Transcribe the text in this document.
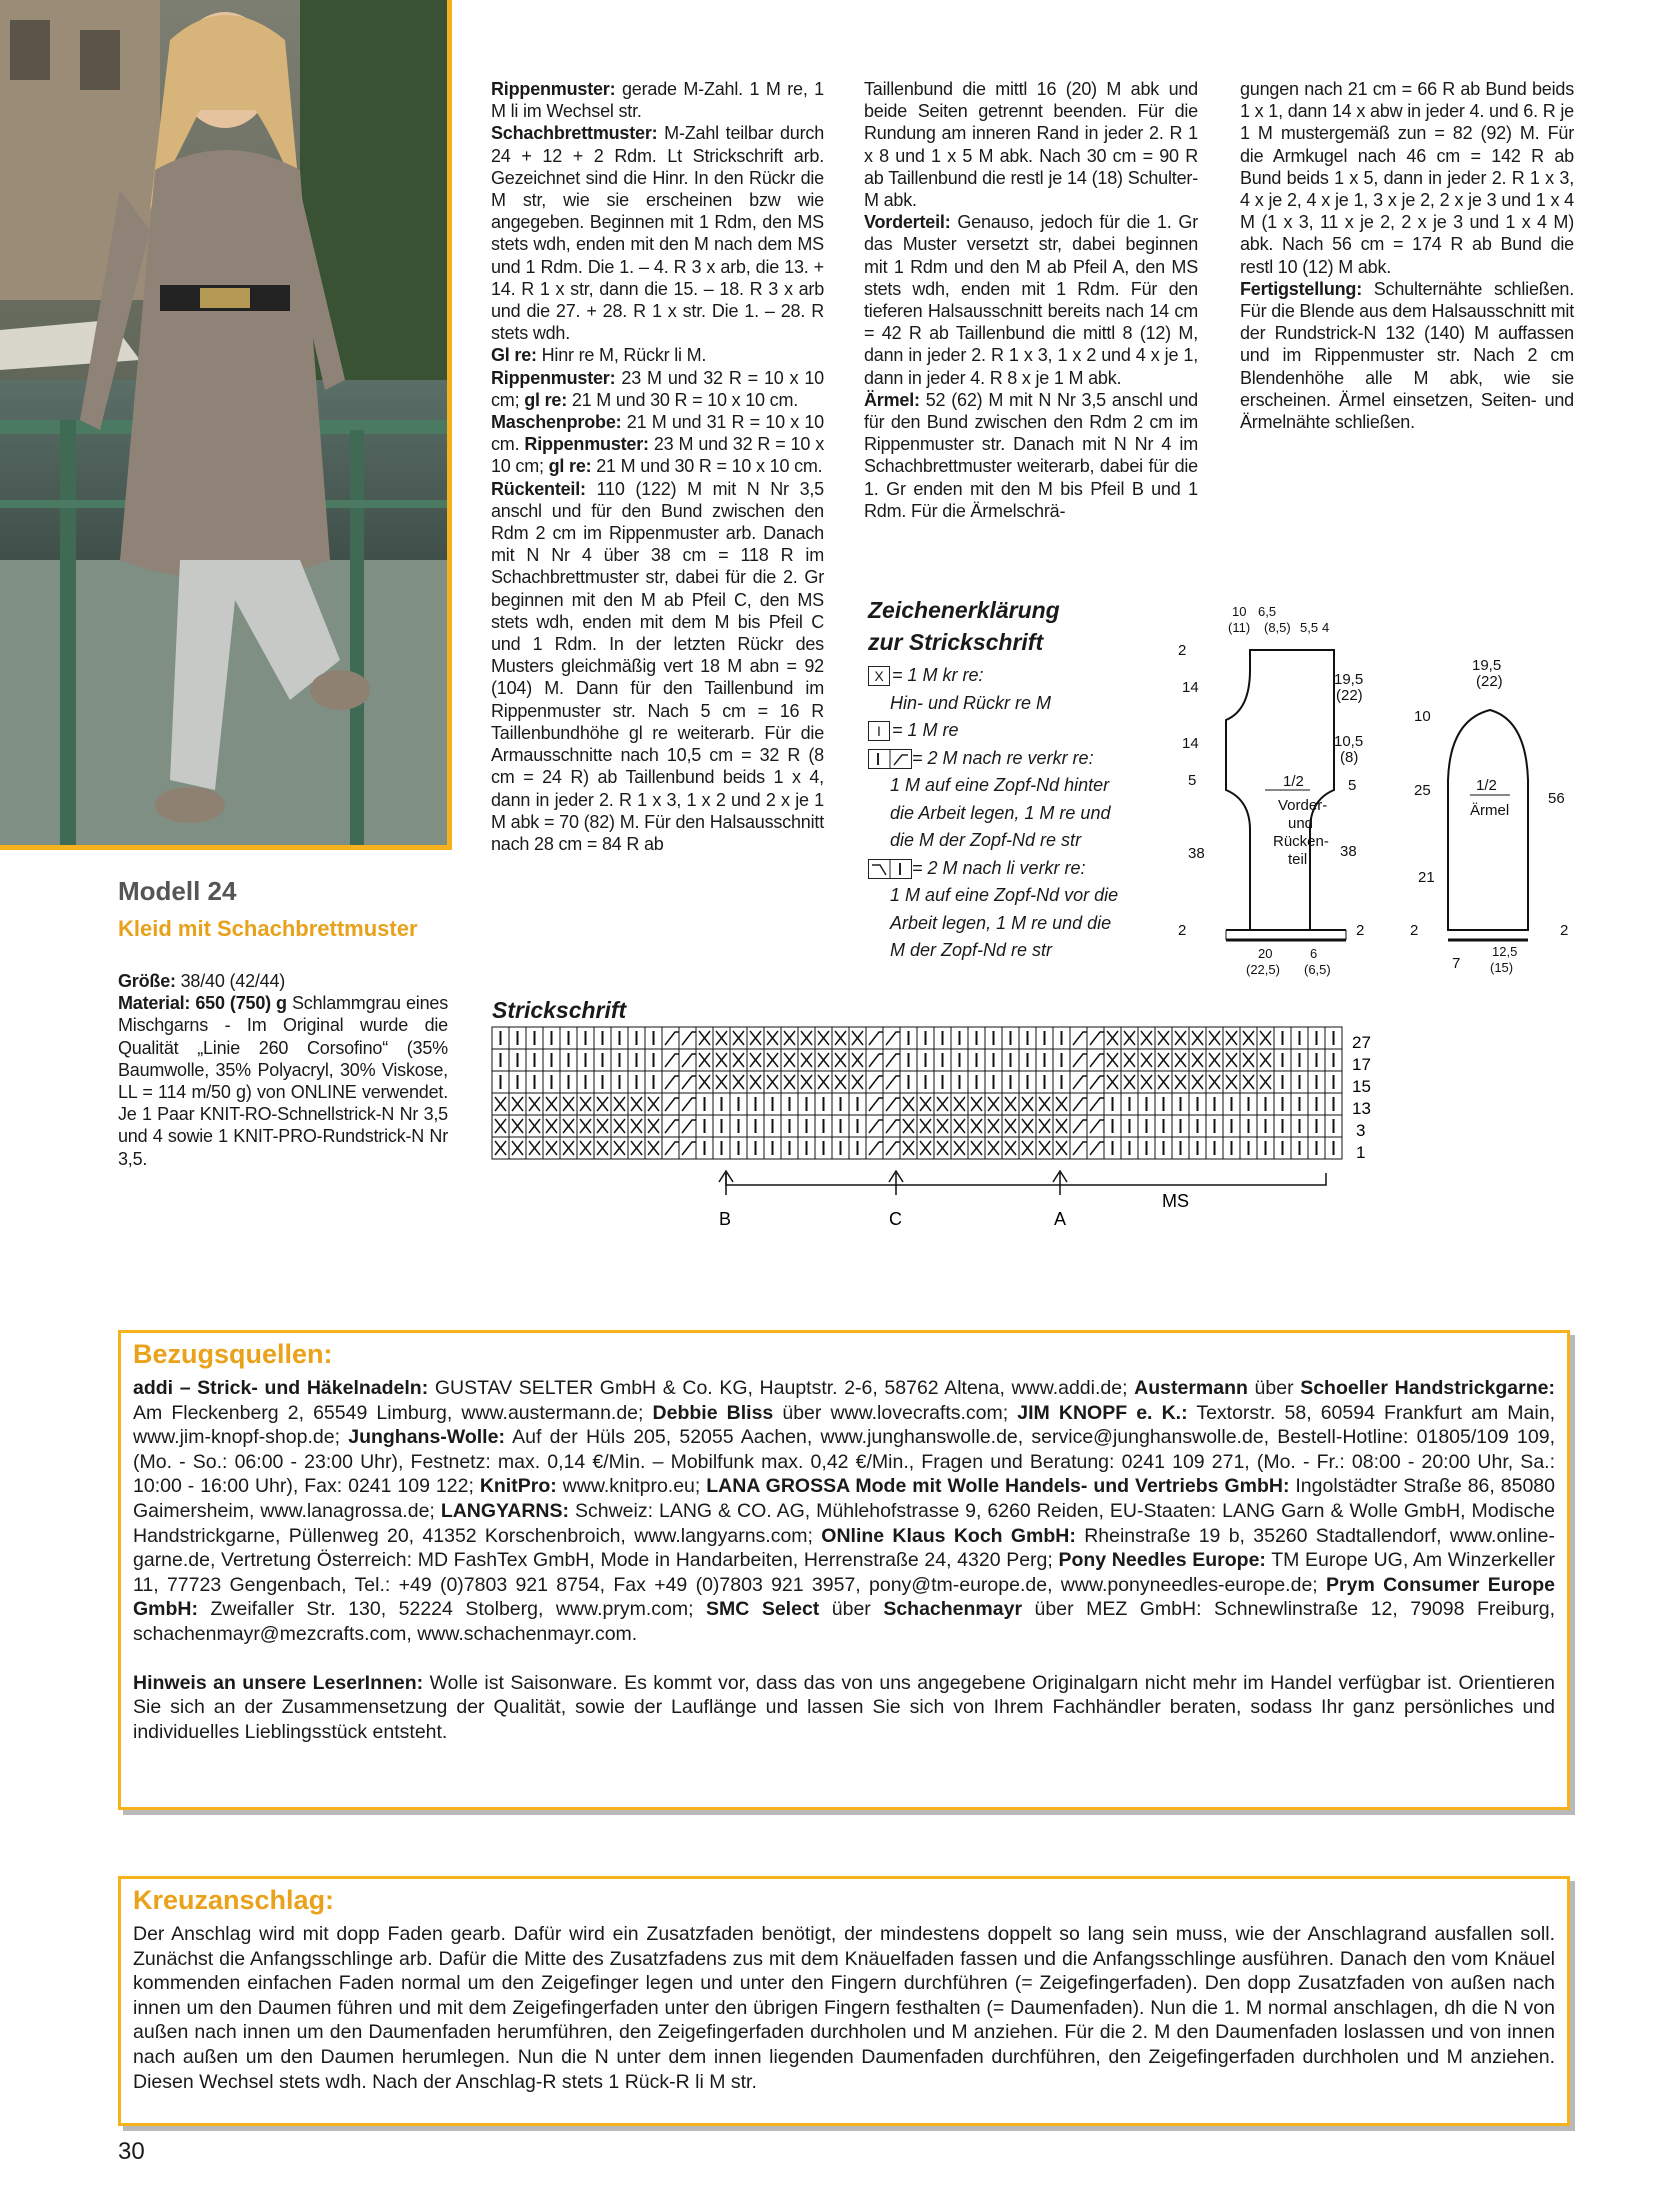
Modell 24
Kleid mit Schachbrettmuster

Größe: 38/40 (42/44)

Material: 650 (750) g Schlammgrau eines Mischgarns - Im Original wurde die Qualität „Linie 260 Corsofino“ (35% Baumwolle, 35% Polyacryl, 30% Viskose, LL = 114 m/50 g) von ONLINE verwendet. Je 1 Paar KNIT-RO-Schnellstrick-N Nr 3,5 und 4 sowie 1 KNIT-PRO-Rundstrick-N Nr 3,5.

Rippenmuster: gerade M-Zahl. 1 M re, 1 M li im Wechsel str.

Schachbrettmuster: M-Zahl teilbar durch 24 + 12 + 2 Rdm. Lt Strickschrift arb. Gezeichnet sind die Hinr. In den Rückr die M str, wie sie erscheinen bzw wie angegeben. Beginnen mit 1 Rdm, den MS stets wdh, enden mit den M nach dem MS und 1 Rdm. Die 1. – 4. R 3 x arb, die 13. + 14. R 1 x str, dann die 15. – 18. R 3 x arb und die 27. + 28. R 1 x str. Die 1. – 28. R stets wdh.

Gl re: Hinr re M, Rückr li M.

Rippenmuster: 23 M und 32 R = 10 x 10 cm; gl re: 21 M und 30 R = 10 x 10 cm.

Maschenprobe: 21 M und 31 R = 10 x 10 cm. Rippenmuster: 23 M und 32 R = 10 x 10 cm; gl re: 21 M und 30 R = 10 x 10 cm.

Rückenteil: 110 (122) M mit N Nr 3,5 anschl und für den Bund zwischen den Rdm 2 cm im Rippenmuster arb. Danach mit N Nr 4 über 38 cm = 118 R im Schachbrettmuster str, dabei für die 2. Gr beginnen mit den M ab Pfeil C, den MS stets wdh, enden mit dem M bis Pfeil C und 1 Rdm. In der letzten Rückr des Musters gleichmäßig vert 18 M abn = 92 (104) M. Dann für den Taillenbund im Rippenmuster str. Nach 5 cm = 16 R Taillenbundhöhe gl re weiterarb. Für die Armausschnitte nach 10,5 cm = 32 R (8 cm = 24 R) ab Taillenbund beids 1 x 4, dann in jeder 2. R 1 x 3, 1 x 2 und 2 x je 1 M abk = 70 (82) M. Für den Halsausschnitt nach 28 cm = 84 R ab

Taillenbund die mittl 16 (20) M abk und beide Seiten getrennt beenden. Für die Rundung am inneren Rand in jeder 2. R 1 x 8 und 1 x 5 M abk. Nach 30 cm = 90 R ab Taillenbund die restl je 14 (18) Schulter-M abk.

Vorderteil: Genauso, jedoch für die 1. Gr das Muster versetzt str, dabei beginnen mit 1 Rdm und den M ab Pfeil A, den MS stets wdh, enden mit 1 Rdm. Für den tieferen Halsausschnitt bereits nach 14 cm = 42 R ab Taillenbund die mittl 8 (12) M, dann in jeder 2. R 1 x 3, 1 x 2 und 4 x je 1, dann in jeder 4. R 8 x je 1 M abk.

Ärmel: 52 (62) M mit N Nr 3,5 anschl und für den Bund zwischen den Rdm 2 cm im Rippenmuster str. Danach mit N Nr 4 im Schachbrettmuster weiterarb, dabei für die 1. Gr enden mit den M bis Pfeil B und 1 Rdm. Für die Ärmelschrä-

gungen nach 21 cm = 66 R ab Bund beids 1 x 1, dann 14 x abw in jeder 4. und 6. R je 1 M mustergemäß zun = 82 (92) M. Für die Armkugel nach 46 cm = 142 R ab Bund beids 1 x 5, dann in jeder 2. R 1 x 3, 4 x je 2, 4 x je 1, 3 x je 2, 2 x je 3 und 1 x 4 M (1 x 3, 11 x je 2, 2 x je 3 und 1 x 4 M) abk. Nach 56 cm = 174 R ab Bund die restl 10 (12) M abk.

Fertigstellung: Schulternähte schließen. Für die Blende aus dem Halsausschnitt mit der Rundstrick-N 132 (140) M auffassen und im Rippenmuster str. Nach 2 cm Blendenhöhe alle M abk, wie sie erscheinen. Ärmel einsetzen, Seiten- und Ärmelnähte schließen.

Zeichenerklärung
zur Strickschrift
X = 1 M kr re:
Hin- und Rückr re M
I = 1 M re
= 2 M nach re verkr re:
1 M auf eine Zopf-Nd hinter
die Arbeit legen, 1 M re und
die M der Zopf-Nd re str
= 2 M nach li verkr re:
1 M auf eine Zopf-Nd vor die
Arbeit legen, 1 M re und die
M der Zopf-Nd re str
1/2
Vorder-
und
Rücken-
teil
10 6,5
(11) (8,5) 5,5 4
2
14
14
5
38
2
19,5
(22)
10,5
(8)
5
38
2
20
(22,5)
6
(6,5)
1/2
Ärmel
19,5
(22)
10
25
21
2
56
2
7
12,5
(15)
Strickschrift
27
17
15
13
3
1
MS
B	C	A
Bezugsquellen:

addi – Strick- und Häkelnadeln: GUSTAV SELTER GmbH & Co. KG, Hauptstr. 2-6, 58762 Altena, www.addi.de; Austermann über Schoeller Handstrickgarne: Am Fleckenberg 2, 65549 Limburg, www.austermann.de; Debbie Bliss über www.lovecrafts.com; JIM KNOPF e. K.: Textorstr. 58, 60594 Frankfurt am Main, www.jim-knopf-shop.de; Junghans-Wolle: Auf der Hüls 205, 52055 Aachen, www.junghanswolle.de, service@junghanswolle.de, Bestell-Hotline: 01805/109 109, (Mo. - So.: 06:00 - 23:00 Uhr), Festnetz: max. 0,14 €/Min. – Mobilfunk max. 0,42 €/Min., Fragen und Beratung: 0241 109 271, (Mo. - Fr.: 08:00 - 20:00 Uhr, Sa.: 10:00 - 16:00 Uhr), Fax: 0241 109 122; KnitPro: www.knitpro.eu; LANA GROSSA Mode mit Wolle Handels- und Vertriebs GmbH: Ingolstädter Straße 86, 85080 Gaimersheim, www.lanagrossa.de; LANGYARNS: Schweiz: LANG & CO. AG, Mühlehofstrasse 9, 6260 Reiden, EU-Staaten: LANG Garn & Wolle GmbH, Modische Handstrickgarne, Püllenweg 20, 41352 Korschenbroich, www.langyarns.com; ONline Klaus Koch GmbH: Rheinstraße 19 b, 35260 Stadtallendorf, www.online-garne.de, Vertretung Österreich: MD FashTex GmbH, Mode in Handarbeiten, Herrenstraße 24, 4320 Perg; Pony Needles Europe: TM Europe UG, Am Winzerkeller 11, 77723 Gengenbach, Tel.: +49 (0)7803 921 8754, Fax +49 (0)7803 921 3957, pony@tm-europe.de, www.ponyneedles-europe.de; Prym Consumer Europe GmbH: Zweifaller Str. 130, 52224 Stolberg, www.prym.com; SMC Select über Schachenmayr über MEZ GmbH: Schnewlinstraße 12, 79098 Freiburg, schachenmayr@mezcrafts.com, www.schachenmayr.com.

Hinweis an unsere LeserInnen: Wolle ist Saisonware. Es kommt vor, dass das von uns angegebene Originalgarn nicht mehr im Handel verfügbar ist. Orientieren Sie sich an der Zusammensetzung der Qualität, sowie der Lauflänge und lassen Sie sich von Ihrem Fachhändler beraten, sodass Ihr ganz persönliches und individuelles Lieblingsstück entsteht.

Kreuzanschlag:

Der Anschlag wird mit dopp Faden gearb. Dafür wird ein Zusatzfaden benötigt, der mindestens doppelt so lang sein muss, wie der Anschlagrand ausfallen soll. Zunächst die Anfangsschlinge arb. Dafür die Mitte des Zusatzfadens zus mit dem Knäuelfaden fassen und die Anfangsschlinge ausführen. Danach den vom Knäuel kommenden einfachen Faden normal um den Zeigefinger legen und unter den Fingern durchführen (= Zeigefingerfaden). Den dopp Zusatzfaden von außen nach innen um den Daumen führen und mit dem Zeigefingerfaden unter den übrigen Fingern festhalten (= Daumenfaden). Nun die 1. M normal anschlagen, dh die N von außen nach innen um den Daumenfaden herumführen, den Zeigefingerfaden durchholen und M anziehen. Für die 2. M den Daumenfaden loslassen und von innen nach außen um den Daumen herumlegen. Nun die N unter dem innen liegenden Daumenfaden durchführen, den Zeigefingerfaden durchholen und M anziehen. Diesen Wechsel stets wdh. Nach der Anschlag-R stets 1 Rück-R li M str.

30
